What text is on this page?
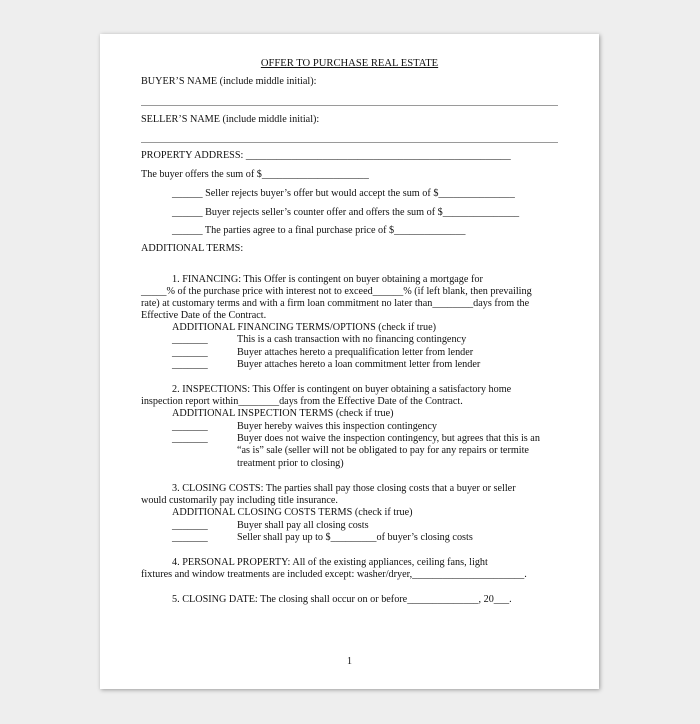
OFFER TO PURCHASE REAL ESTATE
BUYER’S NAME (include middle initial):
SELLER’S NAME (include middle initial):
PROPERTY ADDRESS: ____________________________________________________
The buyer offers the sum of $_____________________
______ Seller rejects buyer’s offer but would accept the sum of $_______________
______ Buyer rejects seller’s counter offer and offers the sum of $_______________
______ The parties agree to a final purchase price of $______________
ADDITIONAL TERMS:
1. FINANCING: This Offer is contingent on buyer obtaining a mortgage for
_____% of the purchase price with interest not to exceed______% (if left blank, then prevailing
rate) at customary terms and with a firm loan commitment no later than________days from the
Effective Date of the Contract.
ADDITIONAL FINANCING TERMS/OPTIONS (check if true)
_______	This is a cash transaction with no financing contingency
_______	Buyer attaches hereto a prequalification letter from lender
_______	Buyer attaches hereto a loan commitment letter from lender
2. INSPECTIONS: This Offer is contingent on buyer obtaining a satisfactory home
inspection report within________days from the Effective Date of the Contract.
ADDITIONAL INSPECTION TERMS (check if true)
_______	Buyer hereby waives this inspection contingency
_______	Buyer does not waive the inspection contingency, but agrees that this is an
“as is” sale (seller will not be obligated to pay for any repairs or termite
treatment prior to closing)
3. CLOSING COSTS: The parties shall pay those closing costs that a buyer or seller
would customarily pay including title insurance.
ADDITIONAL CLOSING COSTS TERMS (check if true)
_______	Buyer shall pay all closing costs
_______	Seller shall pay up to $_________of buyer’s closing costs
4. PERSONAL PROPERTY: All of the existing appliances, ceiling fans, light
fixtures and window treatments are included except: washer/dryer,______________________.
5. CLOSING DATE: The closing shall occur on or before______________, 20___.
1
